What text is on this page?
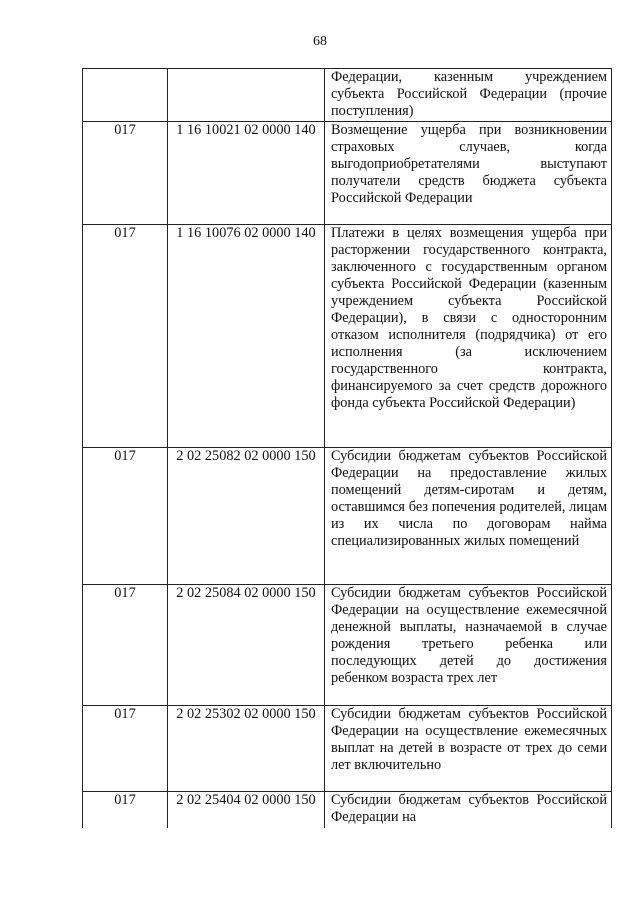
68
		Федерации, казенным учреждением субъекта Российской Федерации (прочие поступления)
017	1 16 10021 02 0000 140	Возмещение ущерба при возникновении страховых случаев, когда выгодоприобретателями выступают получатели средств бюджета субъекта Российской Федерации
017	1 16 10076 02 0000 140	Платежи в целях возмещения ущерба при расторжении государственного контракта, заключенного с государственным органом субъекта Российской Федерации (казенным учреждением субъекта Российской Федерации), в связи с односторонним отказом исполнителя (подрядчика) от его исполнения (за исключением государственного контракта, финансируемого за счет средств дорожного фонда субъекта Российской Федерации)
017	2 02 25082 02 0000 150	Субсидии бюджетам субъектов Российской Федерации на предоставление жилых помещений детям-сиротам и детям, оставшимся без попечения родителей, лицам из их числа по договорам найма специализированных жилых помещений
017	2 02 25084 02 0000 150	Субсидии бюджетам субъектов Российской Федерации на осуществление ежемесячной денежной выплаты, назначаемой в случае рождения третьего ребенка или последующих детей до достижения ребенком возраста трех лет
017	2 02 25302 02 0000 150	Субсидии бюджетам субъектов Российской Федерации на осуществление ежемесячных выплат на детей в возрасте от трех до семи лет включительно
017	2 02 25404 02 0000 150	Субсидии бюджетам субъектов Российской Федерации на
